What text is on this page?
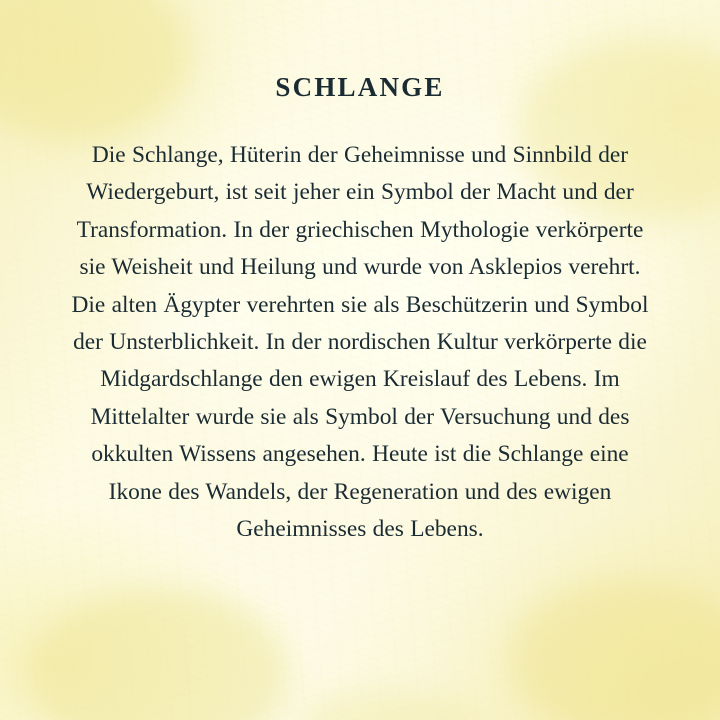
SCHLANGE

Die Schlange, Hüterin der Geheimnisse und Sinnbild der Wiedergeburt, ist seit jeher ein Symbol der Macht und der Transformation. In der griechischen Mythologie verkörperte sie Weisheit und Heilung und wurde von Asklepios verehrt. Die alten Ägypter verehrten sie als Beschützerin und Symbol der Unsterblichkeit. In der nordischen Kultur verkörperte die Midgardschlange den ewigen Kreislauf des Lebens. Im Mittelalter wurde sie als Symbol der Versuchung und des okkulten Wissens angesehen. Heute ist die Schlange eine Ikone des Wandels, der Regeneration und des ewigen Geheimnisses des Lebens.
